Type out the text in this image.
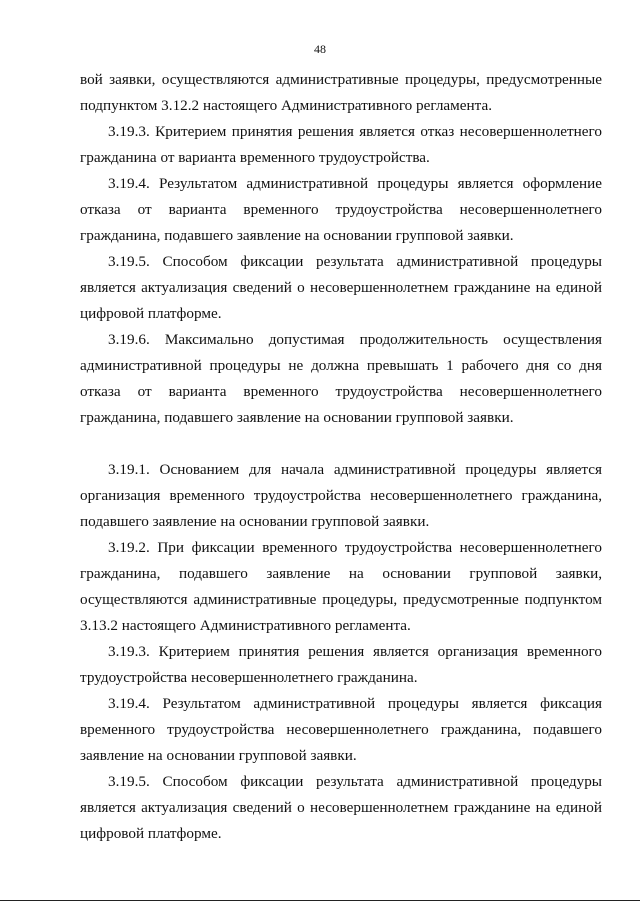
48

вой заявки, осуществляются административные процедуры, предусмотренные подпунктом 3.12.2 настоящего Административного регламента.

3.19.3. Критерием принятия решения является отказ несовершеннолетнего гражданина от варианта временного трудоустройства.

3.19.4. Результатом административной процедуры является оформление отказа от варианта временного трудоустройства несовершеннолетнего гражданина, подавшего заявление на основании групповой заявки.

3.19.5. Способом фиксации результата административной процедуры является актуализация сведений о несовершеннолетнем гражданине на единой цифровой платформе.

3.19.6. Максимально допустимая продолжительность осуществления административной процедуры не должна превышать 1 рабочего дня со дня отказа от варианта временного трудоустройства несовершеннолетнего гражданина, подавшего заявление на основании групповой заявки.

3.19.1. Основанием для начала административной процедуры является организация временного трудоустройства несовершеннолетнего гражданина, подавшего заявление на основании групповой заявки.

3.19.2. При фиксации временного трудоустройства несовершеннолетнего гражданина, подавшего заявление на основании групповой заявки, осуществляются административные процедуры, предусмотренные подпунктом 3.13.2 настоящего Административного регламента.

3.19.3. Критерием принятия решения является организация временного трудоустройства несовершеннолетнего гражданина.

3.19.4. Результатом административной процедуры является фиксация временного трудоустройства несовершеннолетнего гражданина, подавшего заявление на основании групповой заявки.

3.19.5. Способом фиксации результата административной процедуры является актуализация сведений о несовершеннолетнем гражданине на единой цифровой платформе.
